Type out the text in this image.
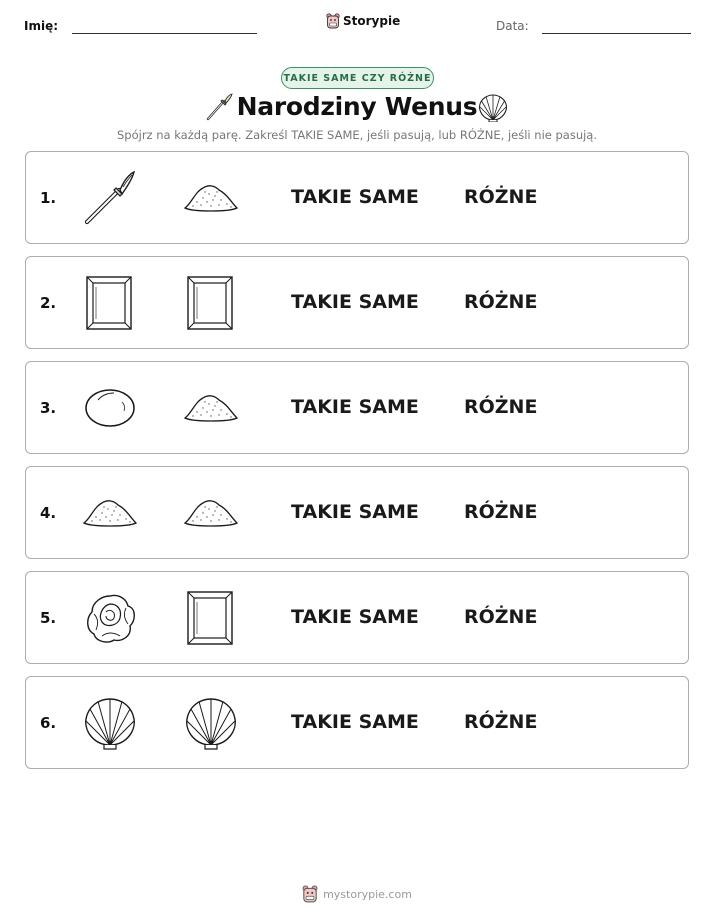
Imię:	Storypie	Data:
TAKIE SAME CZY RÓŻNE
Narodziny Wenus
Spójrz na każdą parę. Zakreśl TAKIE SAME, jeśli pasują, lub RÓŻNE, jeśli nie pasują.
1.	TAKIE SAME RÓŻNE
2.	TAKIE SAME RÓŻNE
3.	TAKIE SAME RÓŻNE
4.	TAKIE SAME RÓŻNE
5.	TAKIE SAME RÓŻNE
6.	TAKIE SAME RÓŻNE
mystorypie.com
